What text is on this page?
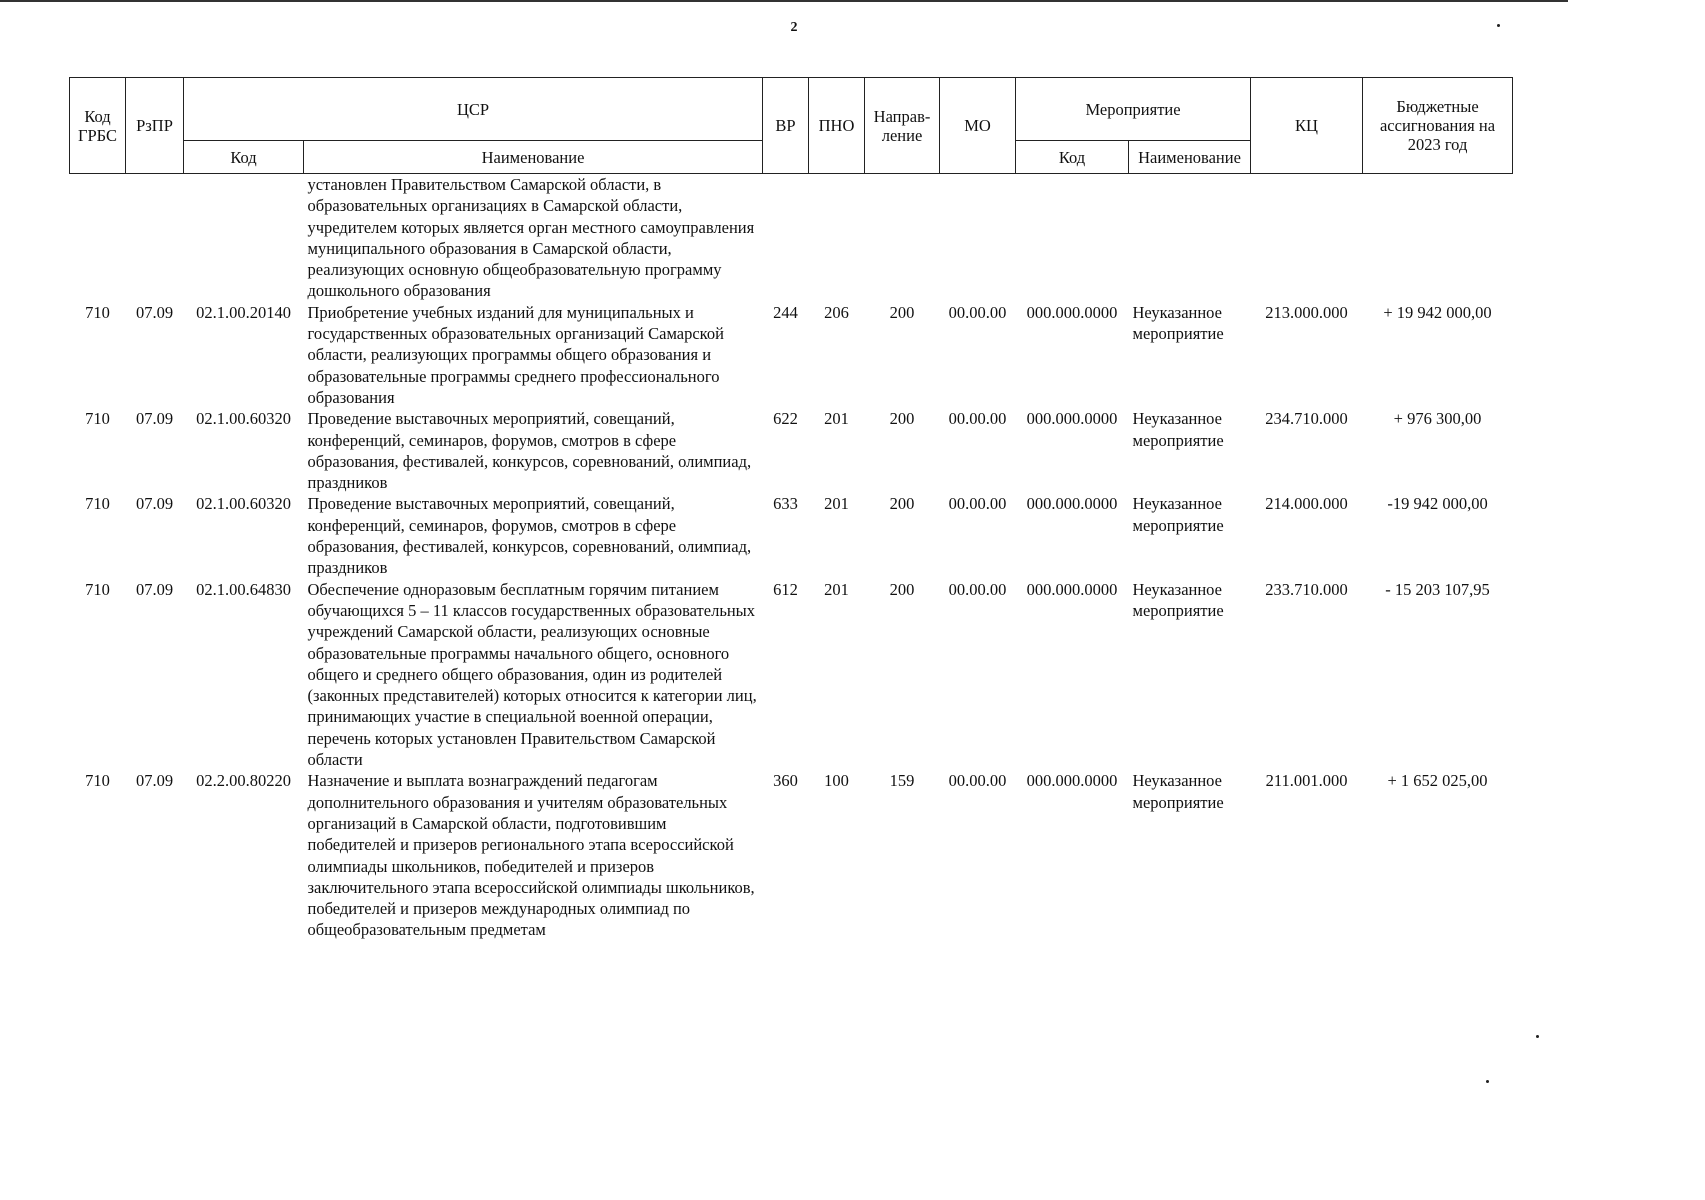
2
Код ГРБС	РзПР	ЦСР		ВР	ПНО	Направ-ление	МО	Мероприятие		КЦ	Бюджетные ассигнования на 2023 год
		Код	Наименование					Код	Наименование		
			установлен Правительством Самарской области, в образовательных организациях в Самарской области, учредителем которых является орган местного самоуправления муниципального образования в Самарской области, реализующих основную общеобразовательную программу дошкольного образования								
710	07.09	02.1.00.20140	Приобретение учебных изданий для муниципальных и государственных образовательных организаций Самарской области, реализующих программы общего образования и образовательные программы среднего профессионального образования	244	206	200	00.00.00	000.000.0000	Неуказанное мероприятие	213.000.000	+ 19 942 000,00
710	07.09	02.1.00.60320	Проведение выставочных мероприятий, совещаний, конференций, семинаров, форумов, смотров в сфере образования, фестивалей, конкурсов, соревнований, олимпиад, праздников	622	201	200	00.00.00	000.000.0000	Неуказанное мероприятие	234.710.000	+ 976 300,00
710	07.09	02.1.00.60320	Проведение выставочных мероприятий, совещаний, конференций, семинаров, форумов, смотров в сфере образования, фестивалей, конкурсов, соревнований, олимпиад, праздников	633	201	200	00.00.00	000.000.0000	Неуказанное мероприятие	214.000.000	-19 942 000,00
710	07.09	02.1.00.64830	Обеспечение одноразовым бесплатным горячим питанием обучающихся 5 – 11 классов государственных образовательных учреждений Самарской области, реализующих основные образовательные программы начального общего, основного общего и среднего общего образования, один из родителей (законных представителей) которых относится к категории лиц, принимающих участие в специальной военной операции, перечень которых установлен Правительством Самарской области	612	201	200	00.00.00	000.000.0000	Неуказанное мероприятие	233.710.000	- 15 203 107,95
710	07.09	02.2.00.80220	Назначение и выплата вознаграждений педагогам дополнительного образования и учителям образовательных организаций в Самарской области, подготовившим победителей и призеров регионального этапа всероссийской олимпиады школьников, победителей и призеров заключительного этапа всероссийской олимпиады школьников, победителей и призеров международных олимпиад по общеобразовательным предметам	360	100	159	00.00.00	000.000.0000	Неуказанное мероприятие	211.001.000	+ 1 652 025,00
